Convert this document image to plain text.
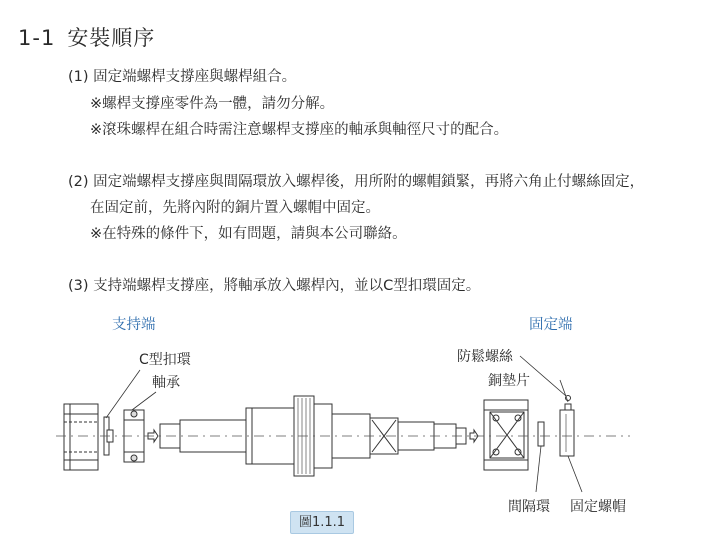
1-1 安裝順序
(1) 固定端螺桿支撐座與螺桿組合。
※螺桿支撐座零件為一體，請勿分解。
※滾珠螺桿在組合時需注意螺桿支撐座的軸承與軸徑尺寸的配合。
(2) 固定端螺桿支撐座與間隔環放入螺桿後，用所附的螺帽鎖緊，再將六角止付螺絲固定，
在固定前，先將內附的銅片置入螺帽中固定。
※在特殊的條件下，如有問題，請與本公司聯絡。
(3) 支持端螺桿支撐座，將軸承放入螺桿內，並以C型扣環固定。
支持端	固定端
C型扣環
軸承
防鬆螺絲
銅墊片
間隔環 固定螺帽
圖1.1.1
